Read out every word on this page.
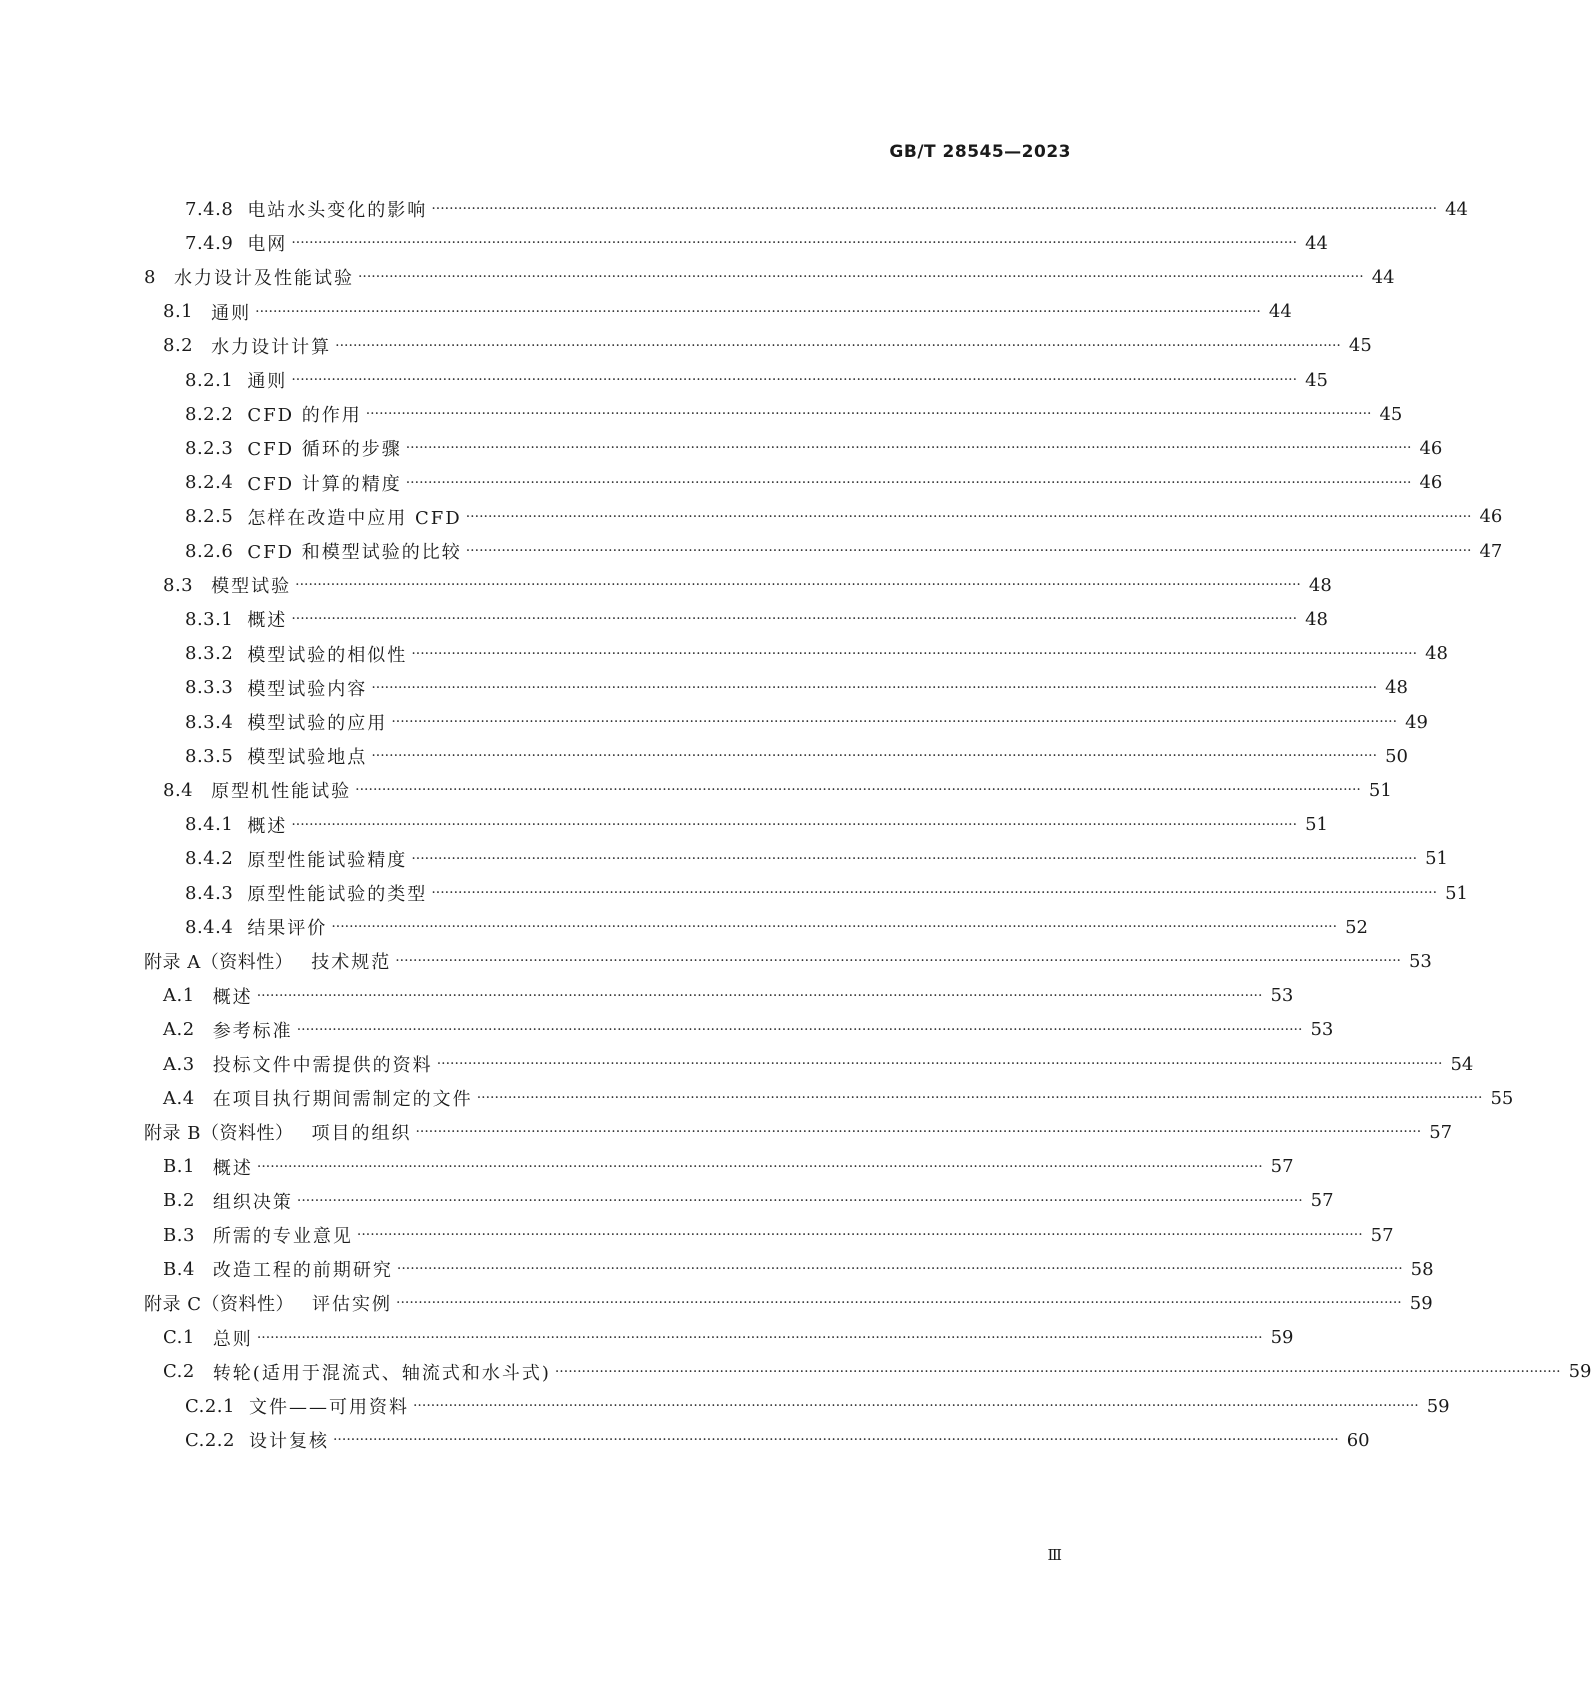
GB/T 28545—2023
7.4.8 电站水头变化的影响 ·····	44
7.4.9 电网 ·····	44
8 水力设计及性能试验 ·····	44
8.1 通则 ·····	44
8.2 水力设计计算 ·····	45
8.2.1 通则 ·····	45
8.2.2 CFD 的作用 ·····	45
8.2.3 CFD 循环的步骤 ·····	46
8.2.4 CFD 计算的精度 ·····	46
8.2.5 怎样在改造中应用 CFD ·····	46
8.2.6 CFD 和模型试验的比较 ·····	47
8.3 模型试验 ·····	48
8.3.1 概述 ·····	48
8.3.2 模型试验的相似性 ·····	48
8.3.3 模型试验内容 ·····	48
8.3.4 模型试验的应用 ·····	49
8.3.5 模型试验地点 ·····	50
8.4 原型机性能试验 ·····	51
8.4.1 概述 ·····	51
8.4.2 原型性能试验精度 ·····	51
8.4.3 原型性能试验的类型 ·····	51
8.4.4 结果评价 ·····	52
附录 A（资料性） 技术规范 ·····	53
A.1 概述 ·····	53
A.2 参考标准 ·····	53
A.3 投标文件中需提供的资料 ·····	54
A.4 在项目执行期间需制定的文件 ·····	55
附录 B（资料性） 项目的组织 ·····	57
B.1 概述 ·····	57
B.2 组织决策 ·····	57
B.3 所需的专业意见 ·····	57
B.4 改造工程的前期研究 ·····	58
附录 C（资料性） 评估实例 ·····	59
C.1 总则 ·····	59
C.2 转轮(适用于混流式、轴流式和水斗式) ·····	59
C.2.1 文件——可用资料 ·····	59
C.2.2 设计复核 ·····	60
Ⅲ
